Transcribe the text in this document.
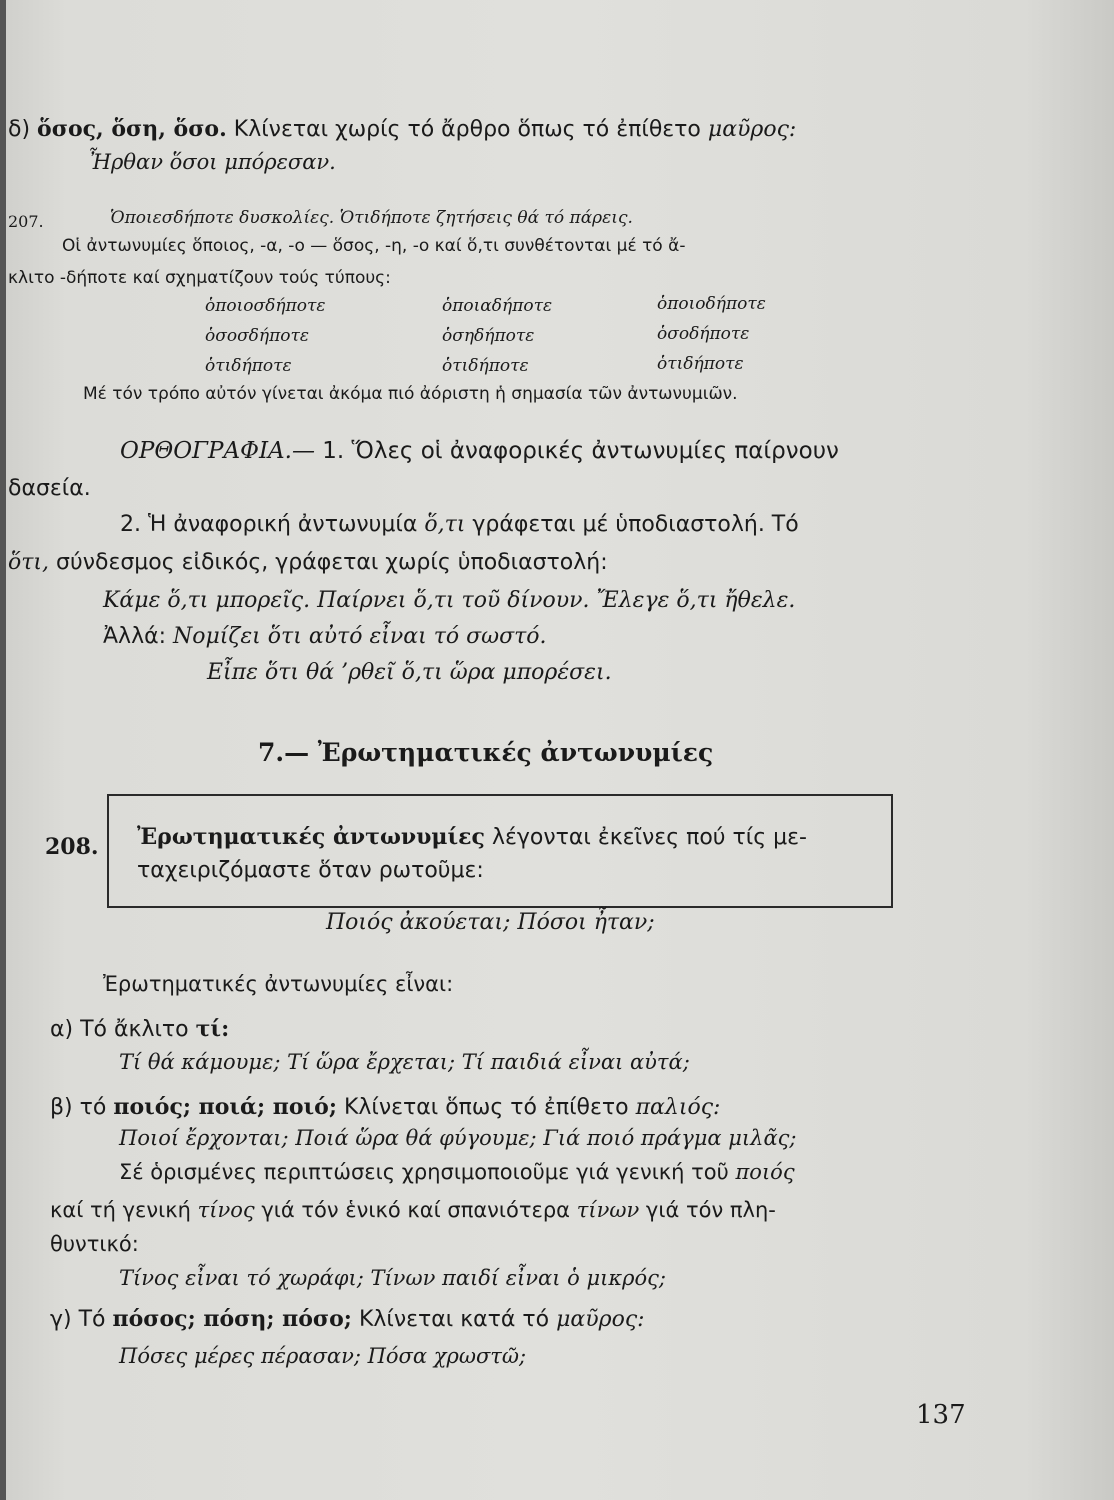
δ) ὅσος, ὅση, ὅσο. Κλίνεται χωρίς τό ἄρθρο ὅπως τό ἐπίθετο μαῦρος:
Ἦρθαν ὅσοι μπόρεσαν.
207.	Ὁποιεσδήποτε δυσκολίες. Ὁτιδήποτε ζητήσεις θά τό πάρεις.
Οἱ ἀντωνυμίες ὅποιος, -α, -ο — ὅσος, -η, -ο καί ὅ,τι συνθέτονται μέ τό ἄ-
κλιτο -δήποτε καί σχηματίζουν τούς τύπους:
ὁποιοσδήποτε	ὁποιαδήποτε	ὁποιοδήποτε
ὁσοσδήποτε	ὁσηδήποτε	ὁσοδήποτε
ὁτιδήποτε	ὁτιδήποτε	ὁτιδήποτε
Μέ τόν τρόπο αὐτόν γίνεται ἀκόμα πιό ἀόριστη ἡ σημασία τῶν ἀντωνυμιῶν.
ΟΡΘΟΓΡΑΦΙΑ.— 1. Ὅλες οἱ ἀναφορικές ἀντωνυμίες παίρνουν
δασεία.
2. Ἡ ἀναφορική ἀντωνυμία ὅ,τι γράφεται μέ ὑποδιαστολή. Τό
ὅτι, σύνδεσμος εἰδικός, γράφεται χωρίς ὑποδιαστολή:
Κάμε ὅ,τι μπορεῖς. Παίρνει ὅ,τι τοῦ δίνουν. Ἔλεγε ὅ,τι ἤθελε.
Ἀλλά: Νομίζει ὅτι αὐτό εἶναι τό σωστό.
Εἶπε ὅτι θά ’ρθεῖ ὅ,τι ὥρα μπορέσει.
7.— Ἐρωτηματικές ἀντωνυμίες
208. Ἐρωτηματικές ἀντωνυμίες λέγονται ἐκεῖνες πού τίς με-
ταχειριζόμαστε ὅταν ρωτοῦμε:
Ποιός ἀκούεται; Πόσοι ἦταν;
Ἐρωτηματικές ἀντωνυμίες εἶναι:
α) Τό ἄκλιτο τί:
Τί θά κάμουμε; Τί ὥρα ἔρχεται; Τί παιδιά εἶναι αὐτά;
β) τό ποιός; ποιά; ποιό; Κλίνεται ὅπως τό ἐπίθετο παλιός:
Ποιοί ἔρχονται; Ποιά ὥρα θά φύγουμε; Γιά ποιό πράγμα μιλᾶς;
Σέ ὁρισμένες περιπτώσεις χρησιμοποιοῦμε γιά γενική τοῦ ποιός
καί τή γενική τίνος γιά τόν ἑνικό καί σπανιότερα τίνων γιά τόν πλη-
θυντικό:
Τίνος εἶναι τό χωράφι; Τίνων παιδί εἶναι ὁ μικρός;
γ) Τό πόσος; πόση; πόσο; Κλίνεται κατά τό μαῦρος:
Πόσες μέρες πέρασαν; Πόσα χρωστῶ;
137
